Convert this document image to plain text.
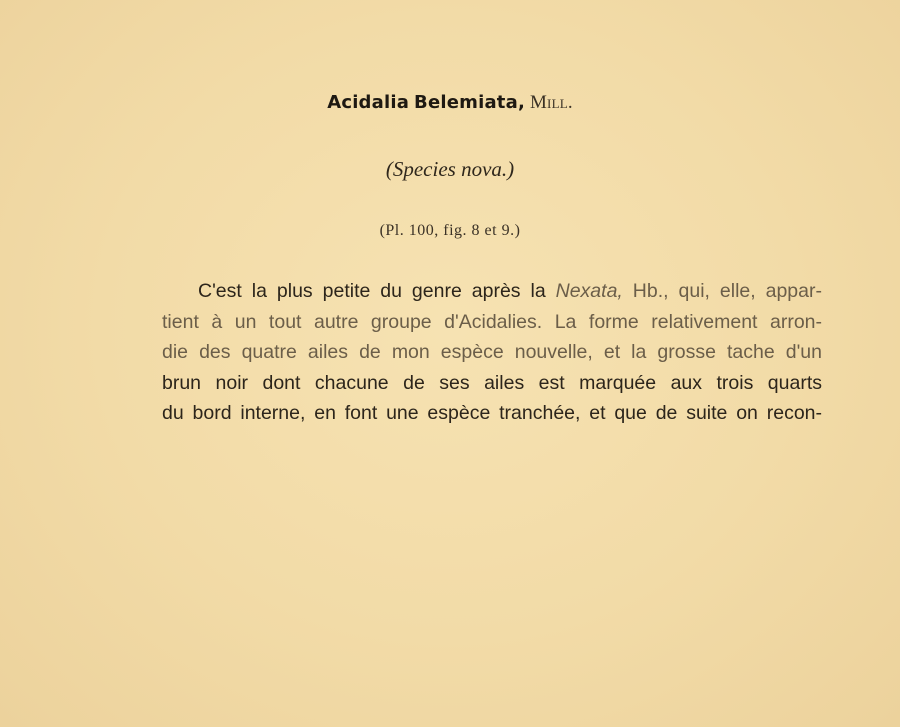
Acidalia Belemiata, Mill.
(Species nova.)
(Pl. 100, fig. 8 et 9.)
C'est la plus petite du genre après la Nexata, Hb., qui, elle, appar-
tient à un tout autre groupe d'Acidalies. La forme relativement arron-
die des quatre ailes de mon espèce nouvelle, et la grosse tache d'un
brun noir dont chacune de ses ailes est marquée aux trois quarts
du bord interne, en font une espèce tranchée, et que de suite on recon-
